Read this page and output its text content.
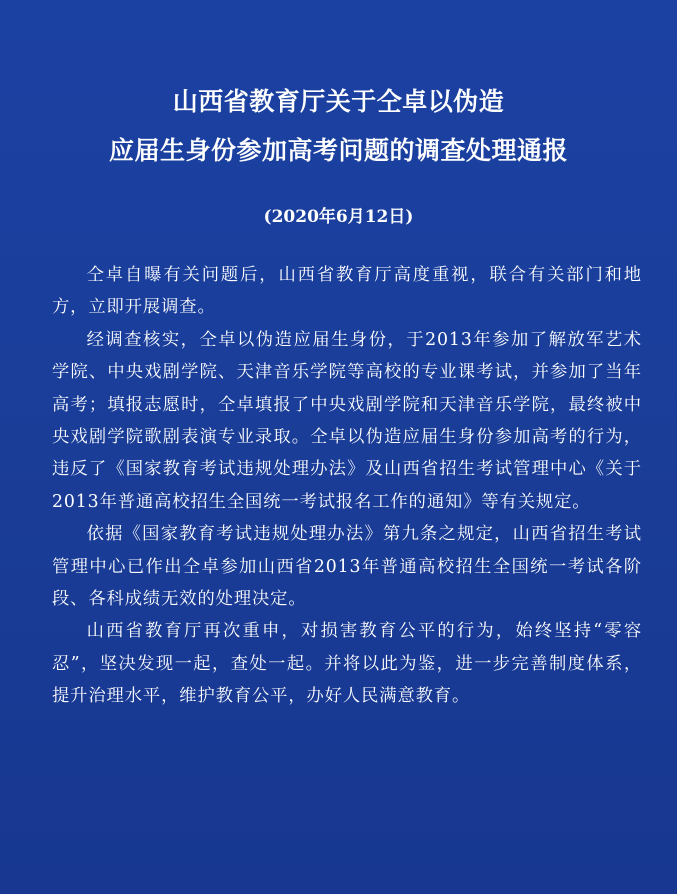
山西省教育厅关于仝卓以伪造
应届生身份参加高考问题的调查处理通报
(2020年6月12日)

仝卓自曝有关问题后，山西省教育厅高度重视，联合有关部门和地方，立即开展调查。

经调查核实，仝卓以伪造应届生身份，于2013年参加了解放军艺术学院、中央戏剧学院、天津音乐学院等高校的专业课考试，并参加了当年高考；填报志愿时，仝卓填报了中央戏剧学院和天津音乐学院，最终被中央戏剧学院歌剧表演专业录取。仝卓以伪造应届生身份参加高考的行为，违反了《国家教育考试违规处理办法》及山西省招生考试管理中心《关于2013年普通高校招生全国统一考试报名工作的通知》等有关规定。

依据《国家教育考试违规处理办法》第九条之规定，山西省招生考试管理中心已作出仝卓参加山西省2013年普通高校招生全国统一考试各阶段、各科成绩无效的处理决定。

山西省教育厅再次重申，对损害教育公平的行为，始终坚持“零容忍”，坚决发现一起，查处一起。并将以此为鉴，进一步完善制度体系，提升治理水平，维护教育公平，办好人民满意教育。
